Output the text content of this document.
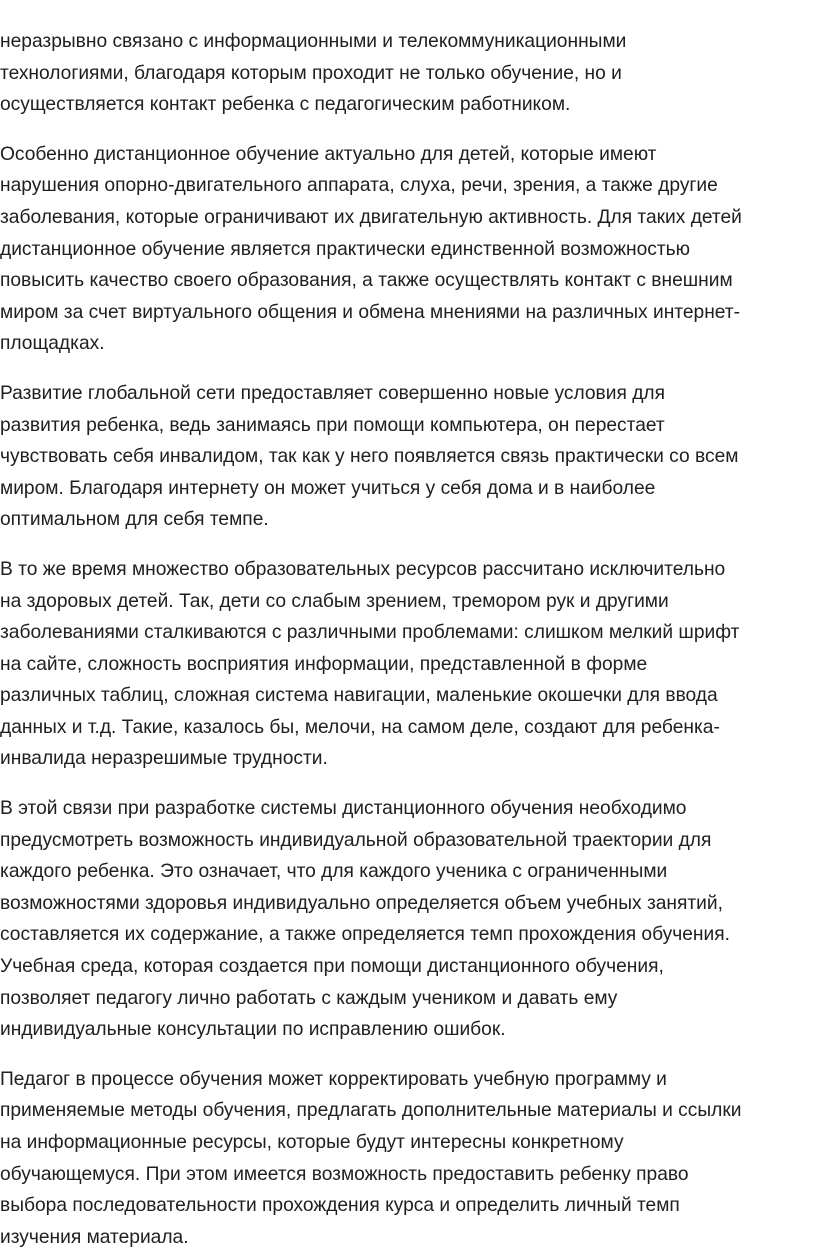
неразрывно связано с информационными и телекоммуникационными
технологиями, благодаря которым проходит не только обучение, но и
осуществляется контакт ребенка с педагогическим работником.

Особенно дистанционное обучение актуально для детей, которые имеют
нарушения опорно-двигательного аппарата, слуха, речи, зрения, а также другие
заболевания, которые ограничивают их двигательную активность. Для таких детей
дистанционное обучение является практически единственной возможностью
повысить качество своего образования, а также осуществлять контакт с внешним
миром за счет виртуального общения и обмена мнениями на различных интернет-
площадках.

Развитие глобальной сети предоставляет совершенно новые условия для
развития ребенка, ведь занимаясь при помощи компьютера, он перестает
чувствовать себя инвалидом, так как у него появляется связь практически со всем
миром. Благодаря интернету он может учиться у себя дома и в наиболее
оптимальном для себя темпе.

В то же время множество образовательных ресурсов рассчитано исключительно
на здоровых детей. Так, дети со слабым зрением, тремором рук и другими
заболеваниями сталкиваются с различными проблемами: слишком мелкий шрифт
на сайте, сложность восприятия информации, представленной в форме
различных таблиц, сложная система навигации, маленькие окошечки для ввода
данных и т.д. Такие, казалось бы, мелочи, на самом деле, создают для ребенка-
инвалида неразрешимые трудности.

В этой связи при разработке системы дистанционного обучения необходимо
предусмотреть возможность индивидуальной образовательной траектории для
каждого ребенка. Это означает, что для каждого ученика с ограниченными
возможностями здоровья индивидуально определяется объем учебных занятий,
составляется их содержание, а также определяется темп прохождения обучения.
Учебная среда, которая создается при помощи дистанционного обучения,
позволяет педагогу лично работать с каждым учеником и давать ему
индивидуальные консультации по исправлению ошибок.

Педагог в процессе обучения может корректировать учебную программу и
применяемые методы обучения, предлагать дополнительные материалы и ссылки
на информационные ресурсы, которые будут интересны конкретному
обучающемуся. При этом имеется возможность предоставить ребенку право
выбора последовательности прохождения курса и определить личный темп
изучения материала.
